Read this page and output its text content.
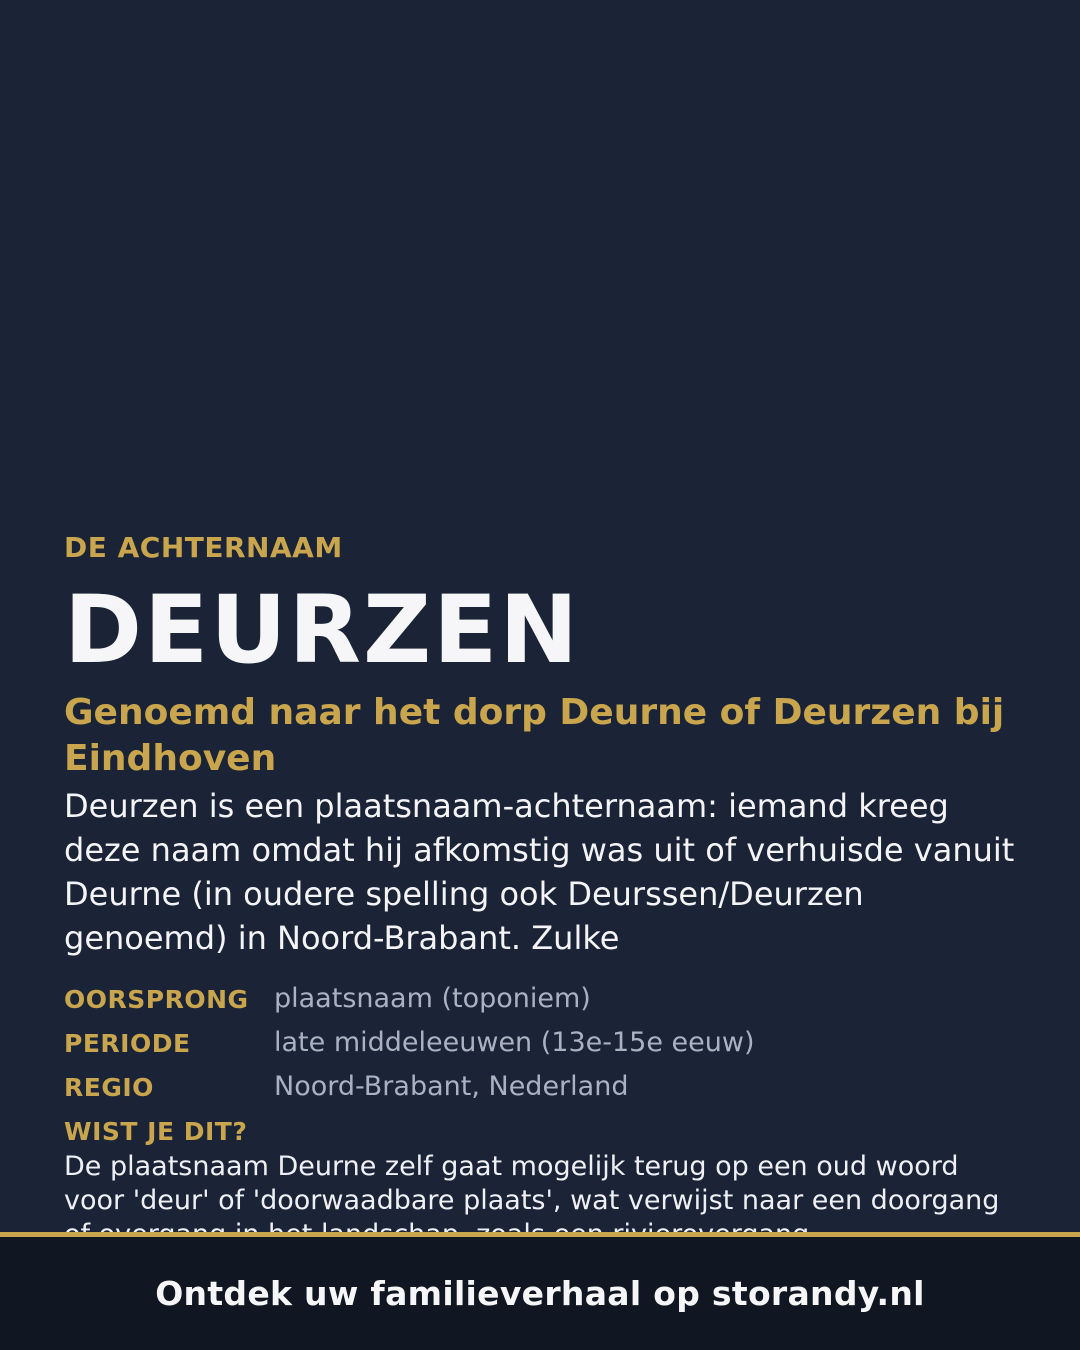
DE ACHTERNAAM
DEURZEN
Genoemd naar het dorp Deurne of Deurzen bij Eindhoven
Deurzen is een plaatsnaam-achternaam: iemand kreeg deze naam omdat hij afkomstig was uit of verhuisde vanuit Deurne (in oudere spelling ook Deurssen/Deurzen genoemd) in Noord-Brabant. Zulke
OORSPRONG plaatsnaam (toponiem)
PERIODE	late middeleeuwen (13e-15e eeuw)
REGIO	Noord-Brabant, Nederland
WIST JE DIT?
De plaatsnaam Deurne zelf gaat mogelijk terug op een oud woord voor 'deur' of 'doorwaadbare plaats', wat verwijst naar een doorgang
Ontdek uw familieverhaal op storandy.nl
